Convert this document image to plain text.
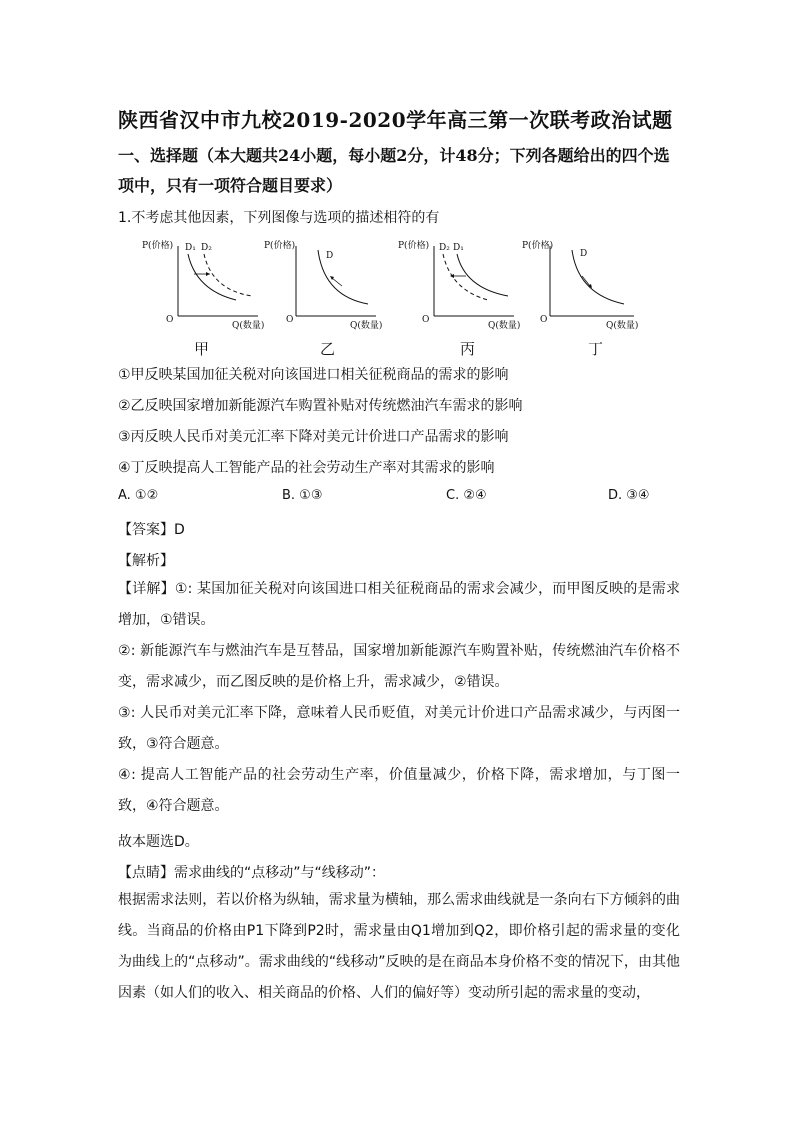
陕西省汉中市九校2019-2020学年高三第一次联考政治试题
一、选择题（本大题共24小题，每小题2分，计48分；下列各题给出的四个选项中，只有一项符合题目要求）
1.不考虑其他因素，下列图像与选项的描述相符的有
P(价格)
O
Q(数量)
D₁ D₂
甲
P(价格)
O
Q(数量)
D
乙
P(价格)
O
Q(数量)
D₂ D₁
丙
P(价格)
O
Q(数量)
D
丁
①甲反映某国加征关税对向该国进口相关征税商品的需求的影响
②乙反映国家增加新能源汽车购置补贴对传统燃油汽车需求的影响
③丙反映人民币对美元汇率下降对美元计价进口产品需求的影响
④丁反映提高人工智能产品的社会劳动生产率对其需求的影响
A. ①②	B. ①③	C. ②④	D. ③④
【答案】D
【解析】
【详解】①: 某国加征关税对向该国进口相关征税商品的需求会减少，而甲图反映的是需求增加，①错误。
②: 新能源汽车与燃油汽车是互替品，国家增加新能源汽车购置补贴，传统燃油汽车价格不变，需求减少，而乙图反映的是价格上升，需求减少，②错误。
③: 人民币对美元汇率下降，意味着人民币贬值，对美元计价进口产品需求减少，与丙图一致，③符合题意。
④: 提高人工智能产品的社会劳动生产率，价值量减少，价格下降，需求增加，与丁图一致，④符合题意。
故本题选D。
【点睛】需求曲线的“点移动”与“线移动”：
根据需求法则，若以价格为纵轴，需求量为横轴，那么需求曲线就是一条向右下方倾斜的曲线。当商品的价格由P1下降到P2时，需求量由Q1增加到Q2，即价格引起的需求量的变化为曲线上的“点移动”。需求曲线的“线移动”反映的是在商品本身价格不变的情况下，由其他因素（如人们的收入、相关商品的价格、人们的偏好等）变动所引起的需求量的变动，
